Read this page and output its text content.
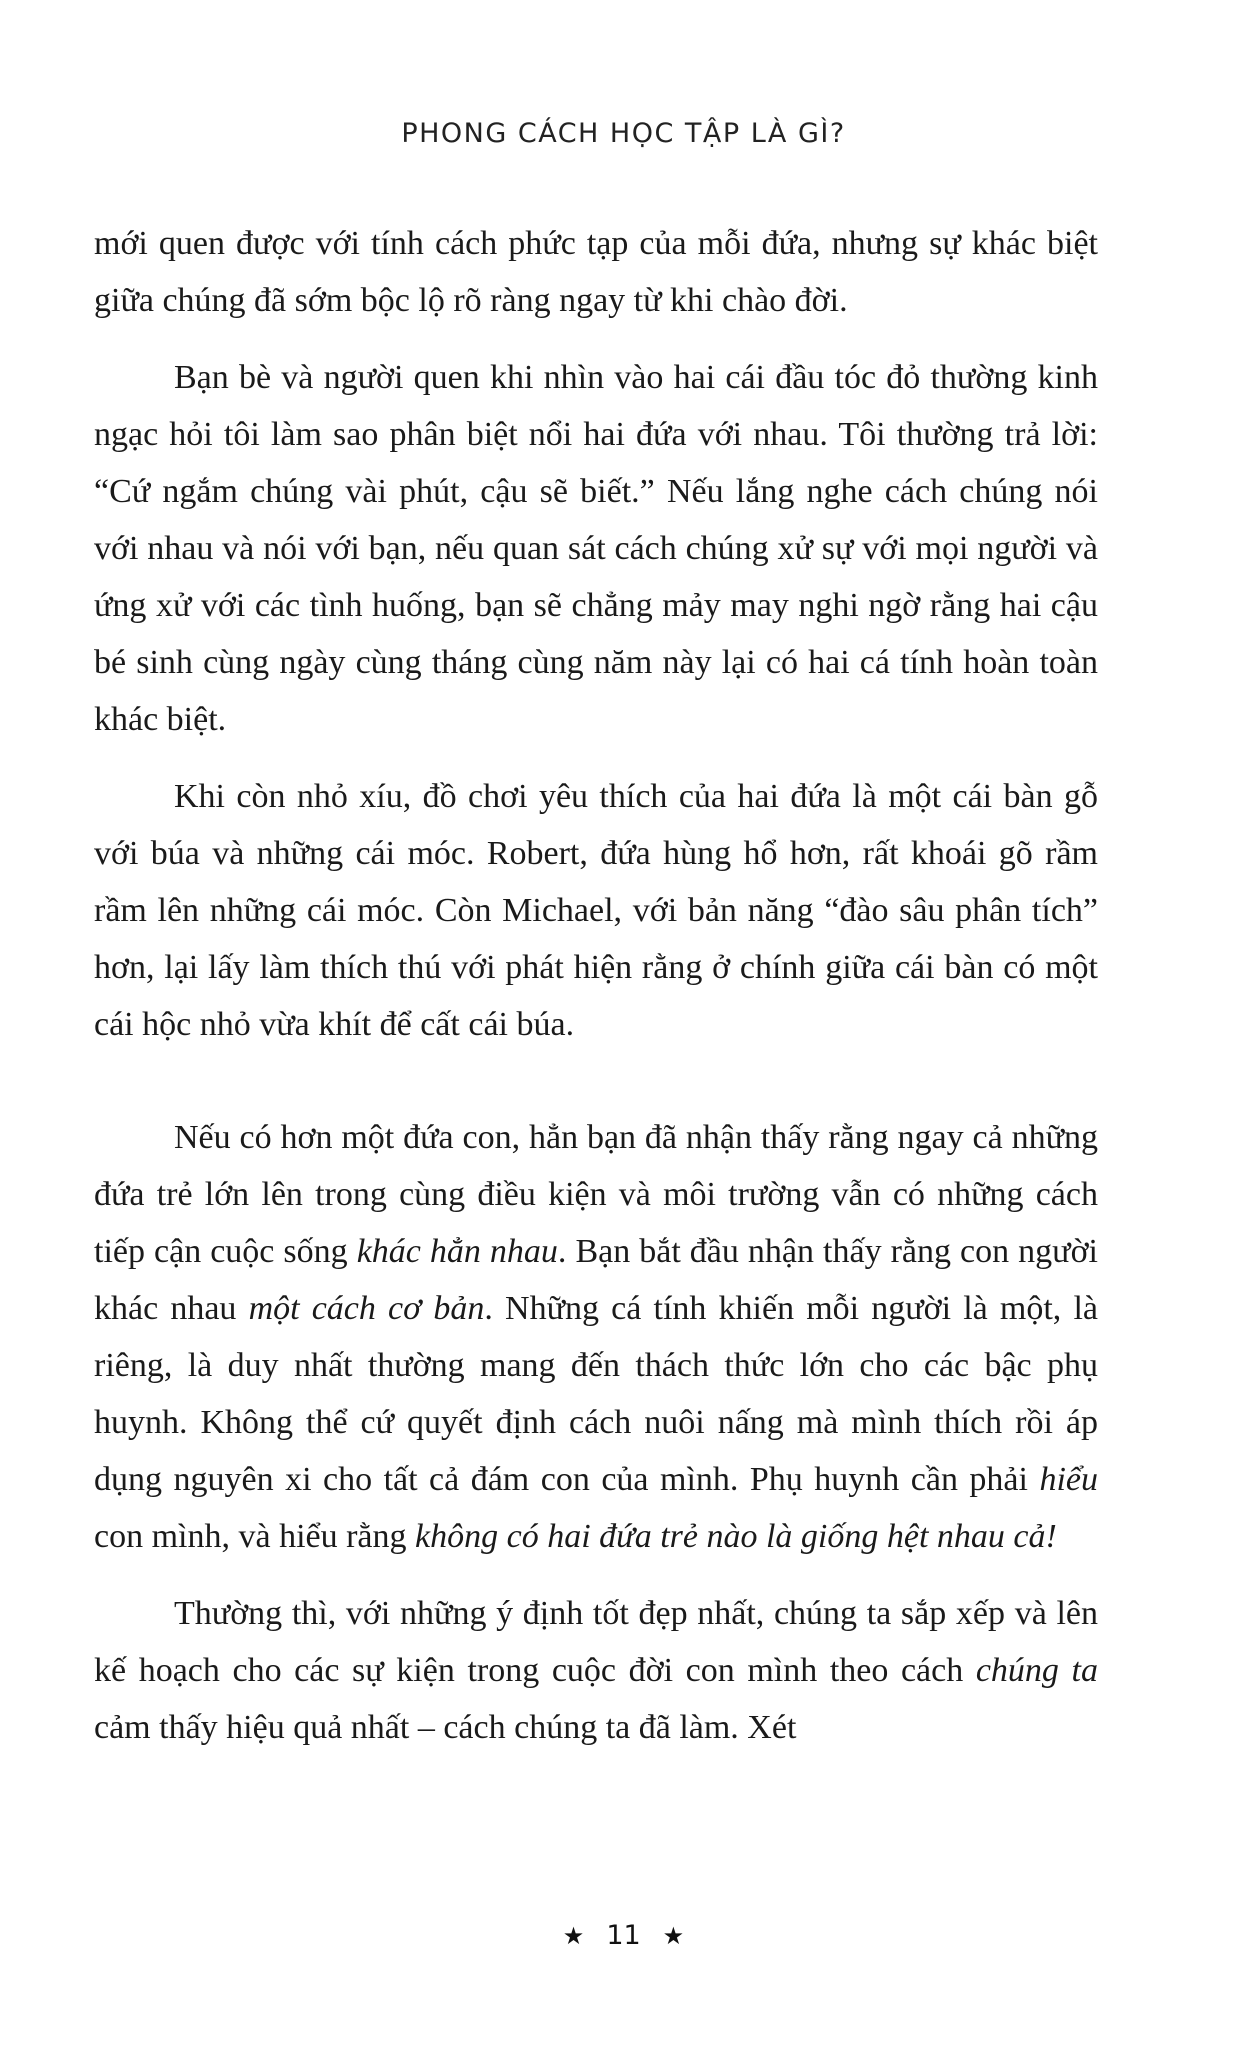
PHONG CÁCH HỌC TẬP LÀ GÌ?

mới quen được với tính cách phức tạp của mỗi đứa, nhưng sự khác biệt giữa chúng đã sớm bộc lộ rõ ràng ngay từ khi chào đời.

Bạn bè và người quen khi nhìn vào hai cái đầu tóc đỏ thường kinh ngạc hỏi tôi làm sao phân biệt nổi hai đứa với nhau. Tôi thường trả lời: “Cứ ngắm chúng vài phút, cậu sẽ biết.” Nếu lắng nghe cách chúng nói với nhau và nói với bạn, nếu quan sát cách chúng xử sự với mọi người và ứng xử với các tình huống, bạn sẽ chẳng mảy may nghi ngờ rằng hai cậu bé sinh cùng ngày cùng tháng cùng năm này lại có hai cá tính hoàn toàn khác biệt.

Khi còn nhỏ xíu, đồ chơi yêu thích của hai đứa là một cái bàn gỗ với búa và những cái móc. Robert, đứa hùng hổ hơn, rất khoái gõ rầm rầm lên những cái móc. Còn Michael, với bản năng “đào sâu phân tích” hơn, lại lấy làm thích thú với phát hiện rằng ở chính giữa cái bàn có một cái hộc nhỏ vừa khít để cất cái búa.

Nếu có hơn một đứa con, hẳn bạn đã nhận thấy rằng ngay cả những đứa trẻ lớn lên trong cùng điều kiện và môi trường vẫn có những cách tiếp cận cuộc sống khác hẳn nhau. Bạn bắt đầu nhận thấy rằng con người khác nhau một cách cơ bản. Những cá tính khiến mỗi người là một, là riêng, là duy nhất thường mang đến thách thức lớn cho các bậc phụ huynh. Không thể cứ quyết định cách nuôi nấng mà mình thích rồi áp dụng nguyên xi cho tất cả đám con của mình. Phụ huynh cần phải hiểu con mình, và hiểu rằng không có hai đứa trẻ nào là giống hệt nhau cả!

Thường thì, với những ý định tốt đẹp nhất, chúng ta sắp xếp và lên kế hoạch cho các sự kiện trong cuộc đời con mình theo cách chúng ta cảm thấy hiệu quả nhất – cách chúng ta đã làm. Xét

★ 11 ★
